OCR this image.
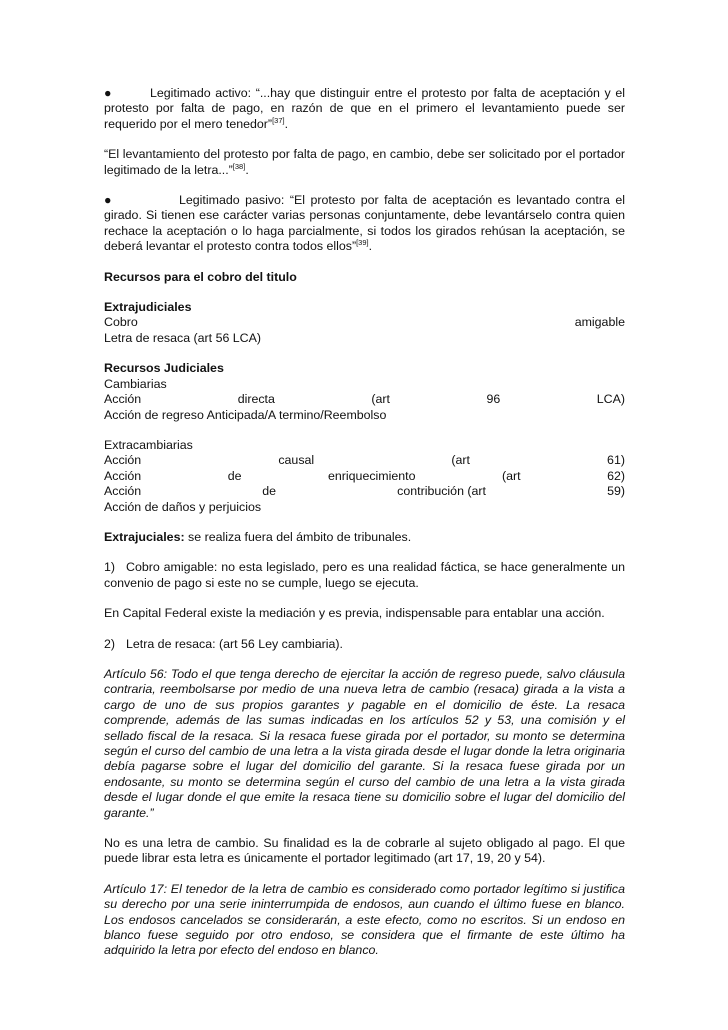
●	Legitimado activo: “...hay que distinguir entre el protesto por falta de aceptación y el protesto por falta de pago, en razón de que en el primero el levantamiento puede ser requerido por el mero tenedor”[37].

“El levantamiento del protesto por falta de pago, en cambio, debe ser solicitado por el portador legitimado de la letra...”[38].

●	Legitimado pasivo: “El protesto por falta de aceptación es levantado contra el girado. Si tienen ese carácter varias personas conjuntamente, debe levantárselo contra quien rechace la aceptación o lo haga parcialmente, si todos los girados rehúsan la aceptación, se deberá levantar el protesto contra todos ellos”[39].

Recursos para el cobro del titulo

Extrajudiciales
Cobro	amigable
Letra de resaca (art 56 LCA)
Recursos Judiciales
Cambiarias
Acción	directa	(art	96	LCA)
Acción de regreso Anticipada/A termino/Reembolso
Extracambiarias
Acción	causal	(art	61)
Acción	de	enriquecimiento	(art	62)
Acción	de	contribución (art	59)
Acción de daños y perjuicios

Extrajuciales: se realiza fuera del ámbito de tribunales.

1) Cobro amigable: no esta legislado, pero es una realidad fáctica, se hace generalmente un convenio de pago si este no se cumple, luego se ejecuta.

En Capital Federal existe la mediación y es previa, indispensable para entablar una acción.

2) Letra de resaca: (art 56 Ley cambiaria).

Artículo 56: Todo el que tenga derecho de ejercitar la acción de regreso puede, salvo cláusula contraria, reembolsarse por medio de una nueva letra de cambio (resaca) girada a la vista a cargo de uno de sus propios garantes y pagable en el domicilio de éste. La resaca comprende, además de las sumas indicadas en los artículos 52 y 53, una comisión y el sellado fiscal de la resaca. Si la resaca fuese girada por el portador, su monto se determina según el curso del cambio de una letra a la vista girada desde el lugar donde la letra originaria debía pagarse sobre el lugar del domicilio del garante. Si la resaca fuese girada por un endosante, su monto se determina según el curso del cambio de una letra a la vista girada desde el lugar donde el que emite la resaca tiene su domicilio sobre el lugar del domicilio del garante.”

No es una letra de cambio. Su finalidad es la de cobrarle al sujeto obligado al pago. El que puede librar esta letra es únicamente el portador legitimado (art 17, 19, 20 y 54).

Artículo 17: El tenedor de la letra de cambio es considerado como portador legítimo si justifica su derecho por una serie ininterrumpida de endosos, aun cuando el último fuese en blanco. Los endosos cancelados se considerarán, a este efecto, como no escritos. Si un endoso en blanco fuese seguido por otro endoso, se considera que el firmante de este último ha adquirido la letra por efecto del endoso en blanco.
